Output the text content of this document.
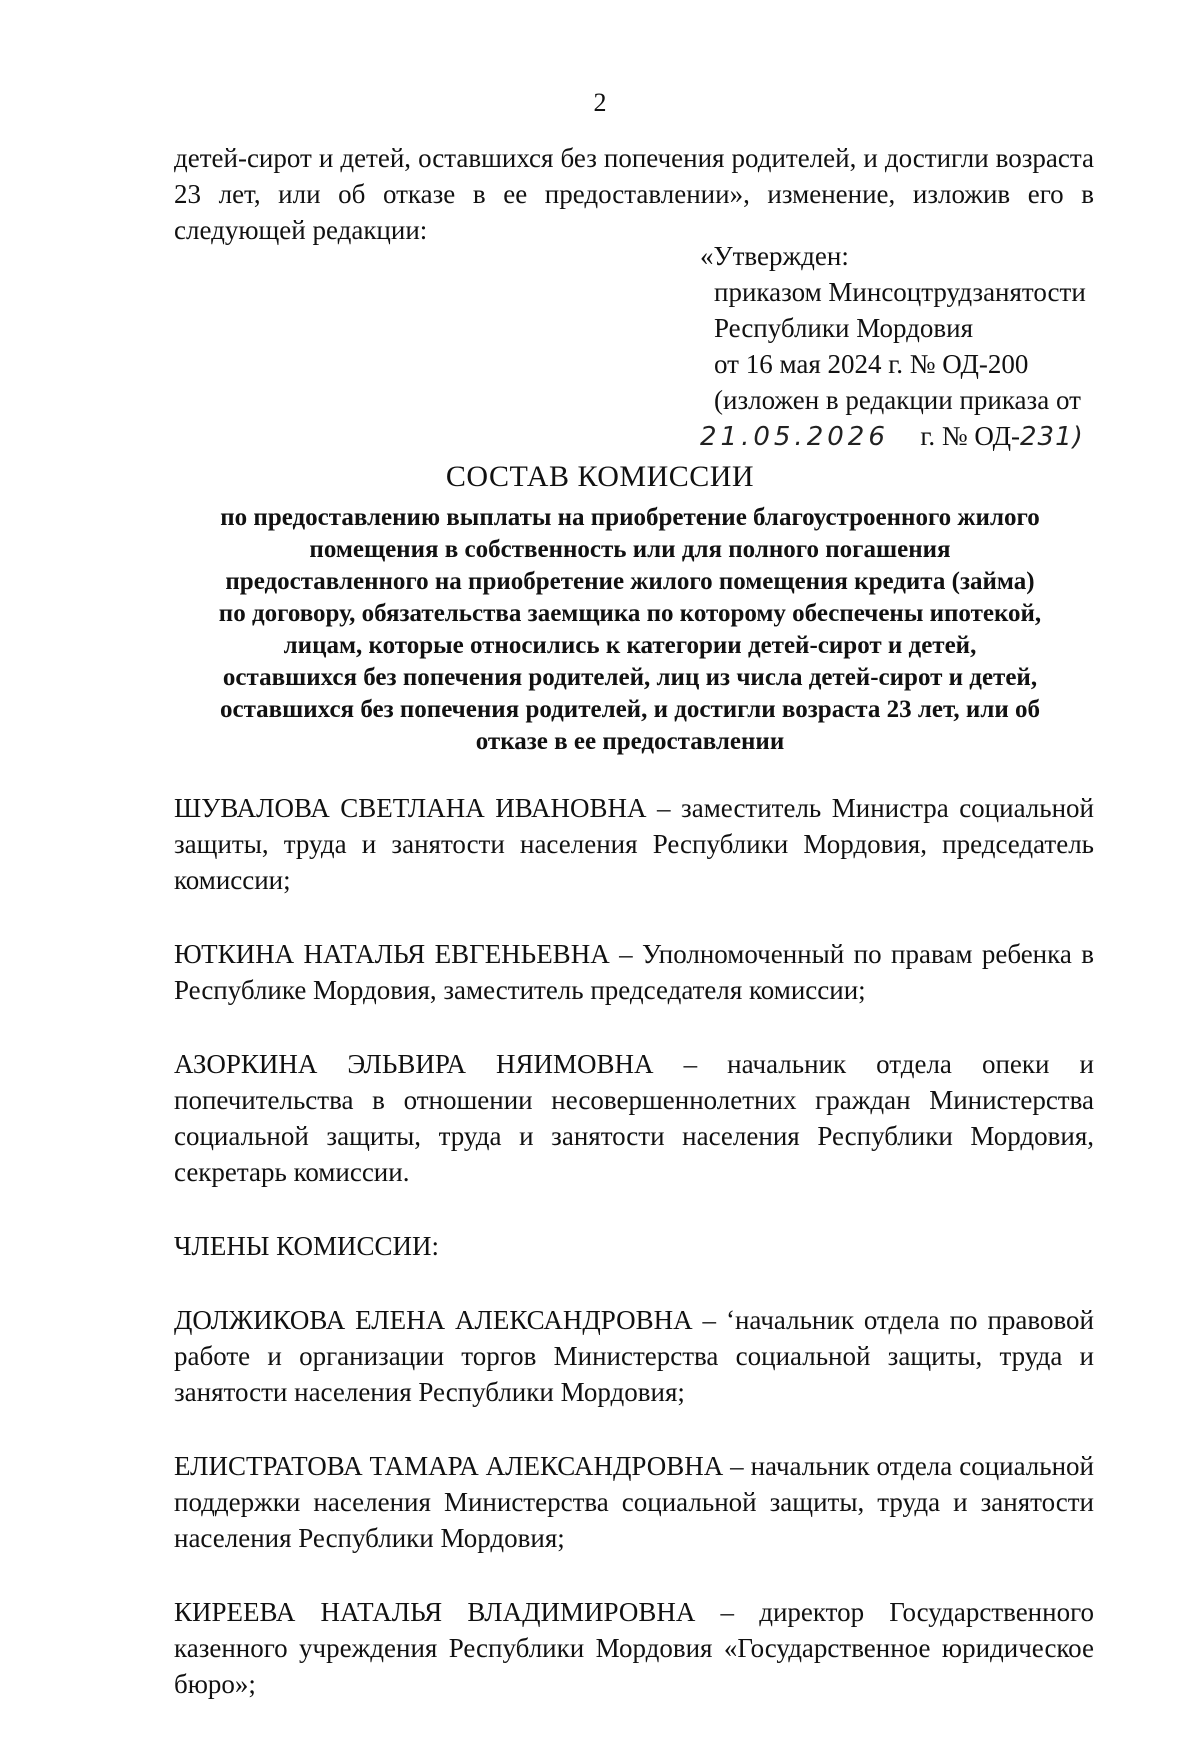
2
детей-сирот и детей, оставшихся без попечения родителей, и достигли возраста 23 лет, или об отказе в ее предоставлении», изменение, изложив его в следующей редакции:
«Утвержден:
приказом Минсоцтрудзанятости
Республики Мордовия
от 16 мая 2024 г. № ОД-200
(изложен в редакции приказа от
21.05.2026 г. № ОД-231)
СОСТАВ КОМИССИИ
по предоставлению выплаты на приобретение благоустроенного жилого
помещения в собственность или для полного погашения
предоставленного на приобретение жилого помещения кредита (займа)
по договору, обязательства заемщика по которому обеспечены ипотекой,
лицам, которые относились к категории детей-сирот и детей,
оставшихся без попечения родителей, лиц из числа детей-сирот и детей,
оставшихся без попечения родителей, и достигли возраста 23 лет, или об
отказе в ее предоставлении

ШУВАЛОВА СВЕТЛАНА ИВАНОВНА – заместитель Министра социальной защиты, труда и занятости населения Республики Мордовия, председатель комиссии;

ЮТКИНА НАТАЛЬЯ ЕВГЕНЬЕВНА – Уполномоченный по правам ребенка в Республике Мордовия, заместитель председателя комиссии;

АЗОРКИНА ЭЛЬВИРА НЯИМОВНА – начальник отдела опеки и попечительства в отношении несовершеннолетних граждан Министерства социальной защиты, труда и занятости населения Республики Мордовия, секретарь комиссии.

ЧЛЕНЫ КОМИССИИ:

ДОЛЖИКОВА ЕЛЕНА АЛЕКСАНДРОВНА – ‘начальник отдела по правовой работе и организации торгов Министерства социальной защиты, труда и занятости населения Республики Мордовия;

ЕЛИСТРАТОВА ТАМАРА АЛЕКСАНДРОВНА – начальник отдела социальной поддержки населения Министерства социальной защиты, труда и занятости населения Республики Мордовия;

КИРЕЕВА НАТАЛЬЯ ВЛАДИМИРОВНА – директор Государственного казенного учреждения Республики Мордовия «Государственное юридическое бюро»;
